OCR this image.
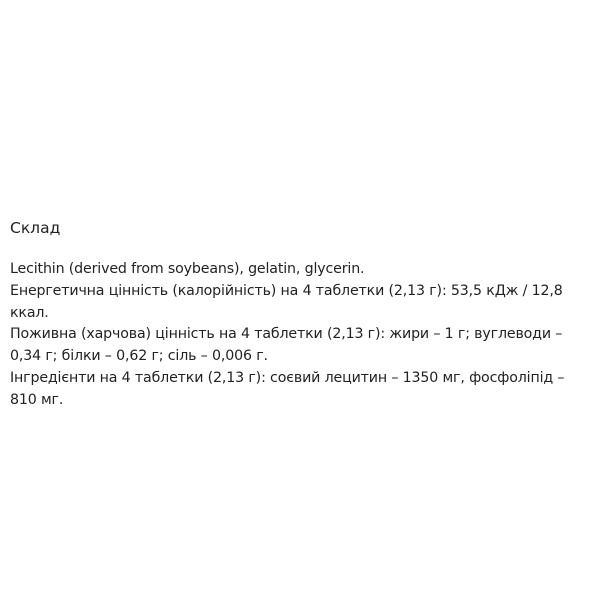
Склад

Lecithin (derived from soybeans), gelatin, glycerin.

Енергетична цінність (калорійність) на 4 таблетки (2,13 г): 53,5 кДж / 12,8 ккал.

Поживна (харчова) цінність на 4 таблетки (2,13 г): жири – 1 г; вуглеводи – 0,34 г; білки – 0,62 г; сіль – 0,006 г.

Інгредієнти на 4 таблетки (2,13 г): соєвий лецитин – 1350 мг, фосфоліпід – 810 мг.
